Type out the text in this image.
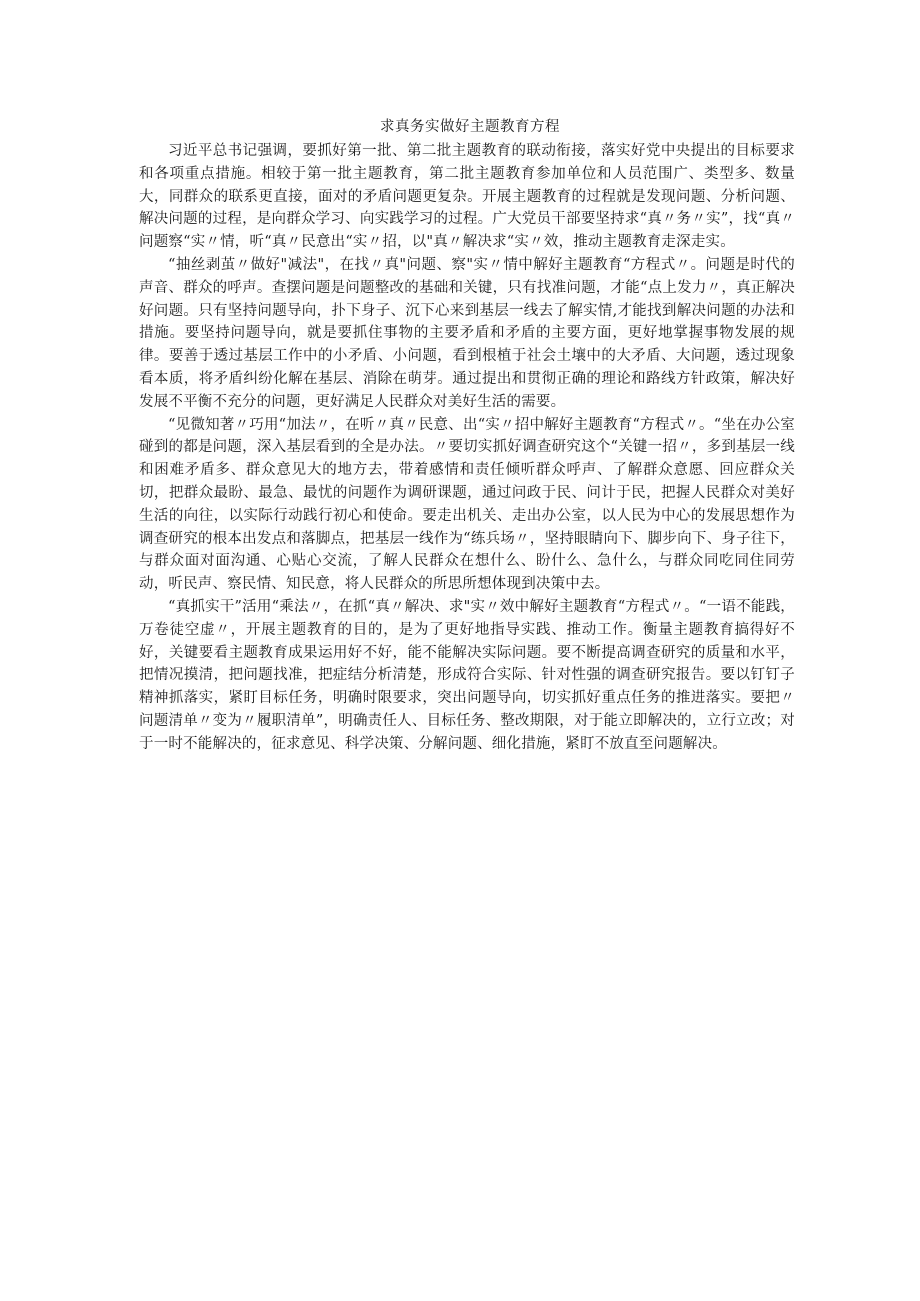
求真务实做好主题教育方程

习近平总书记强调，要抓好第一批、第二批主题教育的联动衔接，落实好党中央提出的目标要求和各项重点措施。相较于第一批主题教育，第二批主题教育参加单位和人员范围广、类型多、数量大，同群众的联系更直接，面对的矛盾问题更复杂。开展主题教育的过程就是发现问题、分析问题、解决问题的过程，是向群众学习、向实践学习的过程。广大党员干部要坚持求“真〃务〃实”，找“真〃问题察“实〃情，听“真〃民意出“实〃招，以"真〃解决求“实〃效，推动主题教育走深走实。

“抽丝剥茧〃做好"减法"，在找〃真"问题、察"实〃情中解好主题教育“方程式〃。问题是时代的声音、群众的呼声。查摆问题是问题整改的基础和关键，只有找准问题，才能“点上发力〃，真正解决好问题。只有坚持问题导向，扑下身子、沉下心来到基层一线去了解实情,才能找到解决问题的办法和措施。要坚持问题导向，就是要抓住事物的主要矛盾和矛盾的主要方面，更好地掌握事物发展的规律。要善于透过基层工作中的小矛盾、小问题，看到根植于社会土壤中的大矛盾、大问题，透过现象看本质，将矛盾纠纷化解在基层、消除在萌芽。通过提出和贯彻正确的理论和路线方针政策，解决好发展不平衡不充分的问题，更好满足人民群众对美好生活的需要。

“见微知著〃巧用“加法〃，在听〃真〃民意、出“实〃招中解好主题教育“方程式〃。“坐在办公室碰到的都是问题，深入基层看到的全是办法。〃要切实抓好调查研究这个“关键一招〃，多到基层一线和困难矛盾多、群众意见大的地方去，带着感情和责任倾听群众呼声、了解群众意愿、回应群众关切，把群众最盼、最急、最忧的问题作为调研课题，通过问政于民、问计于民，把握人民群众对美好生活的向往，以实际行动践行初心和使命。要走出机关、走出办公室，以人民为中心的发展思想作为调查研究的根本出发点和落脚点，把基层一线作为“练兵场〃，坚持眼睛向下、脚步向下、身子往下，与群众面对面沟通、心贴心交流，了解人民群众在想什么、盼什么、急什么，与群众同吃同住同劳动，听民声、察民情、知民意，将人民群众的所思所想体现到决策中去。

“真抓实干”活用“乘法〃，在抓“真〃解决、求"实〃效中解好主题教育“方程式〃。“一语不能践，万卷徒空虚〃，开展主题教育的目的，是为了更好地指导实践、推动工作。衡量主题教育搞得好不好，关键要看主题教育成果运用好不好，能不能解决实际问题。要不断提高调查研究的质量和水平，把情况摸清，把问题找准，把症结分析清楚，形成符合实际、针对性强的调查研究报告。要以钉钉子精神抓落实，紧盯目标任务，明确时限要求，突出问题导向，切实抓好重点任务的推进落实。要把〃问题清单〃变为〃履职清单”，明确责任人、目标任务、整改期限，对于能立即解决的，立行立改；对于一时不能解决的，征求意见、科学决策、分解问题、细化措施，紧盯不放直至问题解决。
